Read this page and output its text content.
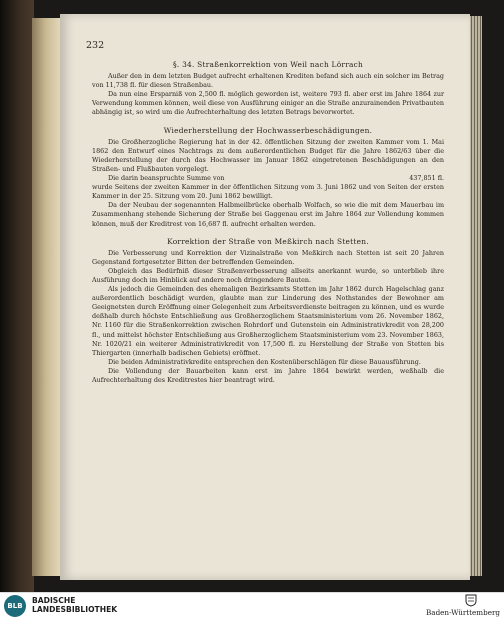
232
§. 34. Straßenkorrektion von Weil nach Lörrach

Außer den in dem letzten Budget aufrecht erhaltenen Krediten befand sich auch ein solcher im Betrag von 11,738 fl. für diesen Straßenbau.

Da nun eine Ersparniß von 2,500 fl. möglich geworden ist, weitere 793 fl. aber erst im Jahre 1864 zur Verwendung kommen können, weil diese von Ausführung einiger an die Straße anzurainenden Privatbauten abhängig ist, so wird um die Aufrechterhaltung des letzten Betrags bevorwortet.

Wiederherstellung der Hochwasserbeschädigungen.

Die Großherzogliche Regierung hat in der 42. öffentlichen Sitzung der zweiten Kammer vom 1. Mai 1862 den Entwurf eines Nachtrags zu dem außerordentlichen Budget für die Jahre 1862/63 über die Wiederherstellung der durch das Hochwasser im Januar 1862 eingetretenen Beschädigungen an den Straßen- und Flußbauten vorgelegt.

Die darin beanspruchte Summe von	437,851 fl.

wurde Seitens der zweiten Kammer in der öffentlichen Sitzung vom 3. Juni 1862 und von Seiten der ersten Kammer in der 25. Sitzung vom 20. Juni 1862 bewilligt.

Da der Neubau der sogenannten Halbmeilbrücke oberhalb Wolfach, so wie die mit dem Mauerbau im Zusammenhang stehende Sicherung der Straße bei Gaggenau erst im Jahre 1864 zur Vollendung kommen können, muß der Kreditrest von 16,687 fl. aufrecht erhalten werden.

Korrektion der Straße von Meßkirch nach Stetten.

Die Verbesserung und Korrektion der Vizinalstraße von Meßkirch nach Stetten ist seit 20 Jahren Gegenstand fortgesetzter Bitten der betreffenden Gemeinden.

Obgleich das Bedürfniß dieser Straßenverbesserung allseits anerkannt wurde, so unterblieb ihre Ausführung doch im Hinblick auf andere noch dringendere Bauten.

Als jedoch die Gemeinden des ehemaligen Bezirksamts Stetten im Jahr 1862 durch Hagelschlag ganz außerordentlich beschädigt wurden, glaubte man zur Linderung des Nothstandes der Bewohner am Geeignetsten durch Eröffnung einer Gelegenheit zum Arbeitsverdienste beitragen zu können, und es wurde deßhalb durch höchste Entschließung aus Großherzoglichem Staatsministerium vom 26. November 1862, Nr. 1160 für die Straßenkorrektion zwischen Rohrdorf und Gutenstein ein Administrativkredit von 28,200 fl., und mittelst höchster Entschließung aus Großherzoglichem Staatsministerium vom 23. November 1863, Nr. 1020/21 ein weiterer Administrativkredit von 17,500 fl. zu Herstellung der Straße von Stetten bis Thiergarten (innerhalb badischen Gebiets) eröffnet.

Die beiden Administrativkredite entsprechen den Kostenüberschlägen für diese Bauausführung.

Die Vollendung der Bauarbeiten kann erst im Jahre 1864 bewirkt werden, weßhalb die Aufrechterhaltung des Kreditrestes hier beantragt wird.

BLB
BADISCHE
LANDESBIBLIOTHEK	Baden-Württemberg
